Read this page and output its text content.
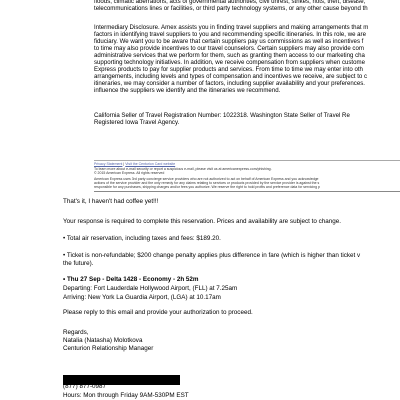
floods, climatic aberrations, acts of governmental authorities, civil unrest, strikes, riots, theft, disease,
telecommunications lines or facilities, or third party technology systems, or any other cause beyond th
Intermediary Disclosure. Amex assists you in finding travel suppliers and making arrangements that m
factors in identifying travel suppliers to you and recommending specific itineraries. In this role, we are
fiduciary. We want you to be aware that certain suppliers pay us commissions as well as incentives f
to time may also provide incentives to our travel counselors. Certain suppliers may also provide com
administrative services that we perform for them, such as granting them access to our marketing cha
supporting technology initiatives. In addition, we receive compensation from suppliers when custome
Express products to pay for supplier products and services. From time to time we may enter into oth
arrangements, including levels and types of compensation and incentives we receive, are subject to c
itineraries, we may consider a number of factors, including supplier availability and your preferences.
influence the suppliers we identify and the itineraries we recommend.
California Seller of Travel Registration Number: 1022318. Washington State Seller of Travel Re
Registered Iowa Travel Agency.
Privacy Statement | Visit the Centurion Card website
To learn more about e-mail security or report a suspicious e-mail, please visit us at americanexpress.com/phishing.
© 2015 American Express. All rights reserved
American Express uses 3rd party concierge service providers who are not authorized to act on behalf of American Express and you acknowledge
actions of the service provider and the only remedy for any claims relating to services or products provided by the service provider is against the s
responsible for any purchases, shipping charges and/or fees you authorize. We reserve the right to hold profits and preference data for servicing p
That's it, I haven't had coffee yet!!!
Your response is required to complete this reservation. Prices and availability are subject to change.
• Total air reservation, including taxes and fees: $189.20.
• Ticket is non-refundable; $200 change penalty applies plus difference in fare (which is higher than ticket v
the future).
• Thu 27 Sep - Delta 1428 - Economy - 2h 52m
Departing: Fort Lauderdale Hollywood Airport, (FLL) at 7.25am
Arriving: New York La Guardia Airport, (LGA) at 10.17am
Please reply to this email and provide your authorization to proceed.
Regards,
Natalia (Natasha) Molotkova
Centurion Relationship Manager
(877) 877-0987
Hours: Mon through Friday 9AM-530PM EST
